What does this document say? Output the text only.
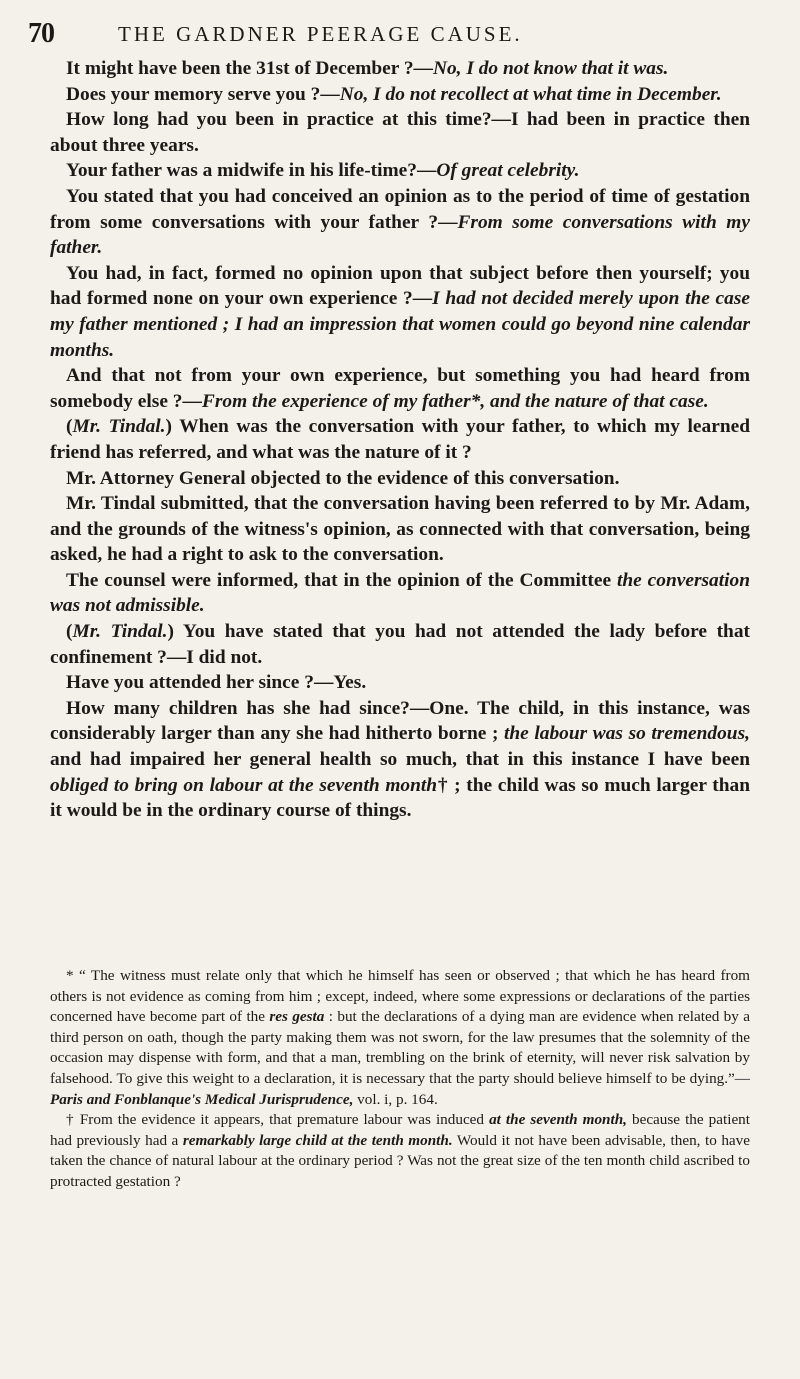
70	THE GARDNER PEERAGE CAUSE.

It might have been the 31st of December ?—No, I do not know that it was.

Does your memory serve you ?—No, I do not recollect at what time in December.

How long had you been in practice at this time?—I had been in practice then about three years.

Your father was a midwife in his life-time?—Of great celebrity.

You stated that you had conceived an opinion as to the period of time of gestation from some conversations with your father ?—From some conversations with my father.

You had, in fact, formed no opinion upon that subject before then yourself; you had formed none on your own experience ?—I had not decided merely upon the case my father mentioned ; I had an impression that women could go beyond nine calendar months.

And that not from your own experience, but something you had heard from somebody else ?—From the experience of my father*, and the nature of that case.

(Mr. Tindal.) When was the conversation with your father, to which my learned friend has referred, and what was the nature of it ?

Mr. Attorney General objected to the evidence of this conversation.

Mr. Tindal submitted, that the conversation having been referred to by Mr. Adam, and the grounds of the witness's opinion, as connected with that conversation, being asked, he had a right to ask to the conversation.

The counsel were informed, that in the opinion of the Committee the conversation was not admissible.

(Mr. Tindal.) You have stated that you had not attended the lady before that confinement ?—I did not.

Have you attended her since ?—Yes.

How many children has she had since?—One. The child, in this instance, was considerably larger than any she had hitherto borne ; the labour was so tremendous, and had impaired her general health so much, that in this instance I have been obliged to bring on labour at the seventh month† ; the child was so much larger than it would be in the ordinary course of things.

* “ The witness must relate only that which he himself has seen or observed ; that which he has heard from others is not evidence as coming from him ; except, indeed, where some expressions or declarations of the parties concerned have become part of the res gesta : but the declarations of a dying man are evidence when related by a third person on oath, though the party making them was not sworn, for the law presumes that the solemnity of the occasion may dispense with form, and that a man, trembling on the brink of eternity, will never risk salvation by falsehood. To give this weight to a declaration, it is necessary that the party should believe himself to be dying.”—Paris and Fonblanque's Medical Jurisprudence, vol. i, p. 164.

† From the evidence it appears, that premature labour was induced at the seventh month, because the patient had previously had a remarkably large child at the tenth month. Would it not have been advisable, then, to have taken the chance of natural labour at the ordinary period ? Was not the great size of the ten month child ascribed to protracted gestation ?
